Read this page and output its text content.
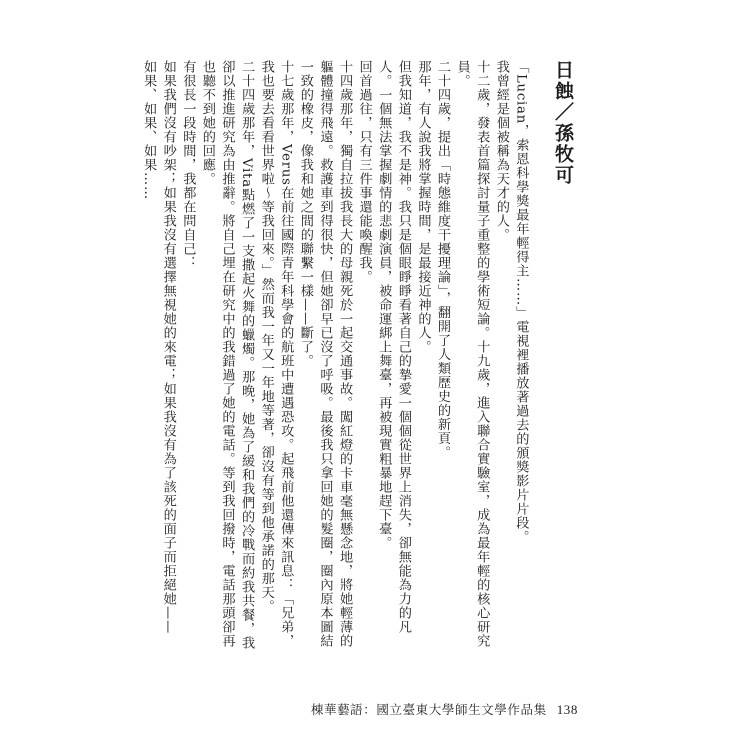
日蝕／孫牧可

「Lucian，索恩科學獎最年輕得主……」電視裡播放著過去的頒獎影片片段。

我曾經是個被稱為天才的人。

十二歲，發表首篇探討量子重整的學術短論。十九歲，進入聯合實驗室，成為最年輕的核心研究員。

二十四歲，提出「時態維度干擾理論」，翻開了人類歷史的新頁。

那年，有人說我將掌握時間，是最接近神的人。

但我知道，我不是神。我只是個眼睜睜看著自己的摯愛一個個從世界上消失，卻無能為力的凡人。一個無法掌握劇情的悲劇演員，被命運綁上舞臺，再被現實粗暴地趕下臺。

回首過往，只有三件事還能喚醒我。

十四歲那年，獨自拉拔我長大的母親死於一起交通事故。闖紅燈的卡車毫無懸念地，將她輕薄的軀體撞得飛遠。救護車到得很快，但她卻早已沒了呼吸。最後我只拿回她的髮圈，圈內原本圖結一致的橡皮，像我和她之間的聯繫一樣——斷了。

十七歲那年，Verus在前往國際青年科學會的航班中遭遇恐攻。起飛前他還傳來訊息：「兄弟，我也要去看看世界啦～等我回來。」然而我一年又一年地等著，卻沒有等到他承諾的那天。

二十四歲那年，Vita點燃了一支撒起火舞的蠟燭。那晚，她為了緩和我們的冷戰而約我共餐，我卻以推進研究為由推辭。將自己埋在研究中的我錯過了她的電話。等到我回撥時，電話那頭卻再也聽不到她的回應。

有很長一段時間，我都在問自己：

如果我們沒有吵架；如果我沒有選擇無視她的來電；如果我沒有為了該死的面子而拒絕她——

如果、如果、如果……

棟華藝語：國立臺東大學師生文學作品集 138
